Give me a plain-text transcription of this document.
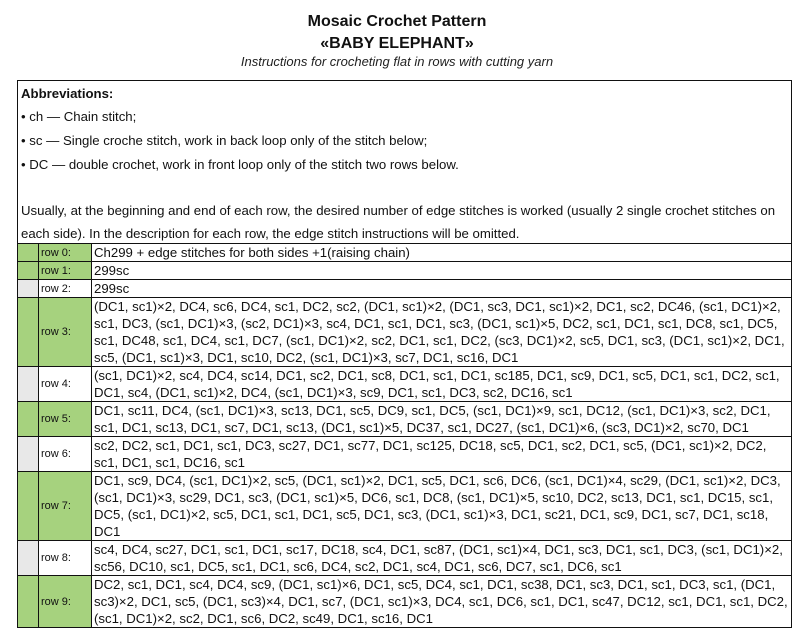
Mosaic Crochet Pattern
«BABY ELEPHANT»
Instructions for crocheting flat in rows with cutting yarn
Abbreviations:
• ch — Chain stitch;
• sc — Single croche stitch, work in back loop only of the stitch below;
• DC — double crochet, work in front loop only of the stitch two rows below.
Usually, at the beginning and end of each row, the desired number of edge stitches is worked (usually 2 single crochet stitches on each side). In the description for each row, the edge stitch instructions will be omitted.
	row 0:	Ch299 + edge stitches for both sides +1(raising chain)
	row 1:	299sc
	row 2:	299sc
	row 3:	(DC1, sc1)×2, DC4, sc6, DC4, sc1, DC2, sc2, (DC1, sc1)×2, (DC1, sc3, DC1, sc1)×2, DC1, sc2, DC46, (sc1, DC1)×2, sc1, DC3, (sc1, DC1)×3, (sc2, DC1)×3, sc4, DC1, sc1, DC1, sc3, (DC1, sc1)×5, DC2, sc1, DC1, sc1, DC8, sc1, DC5, sc1, DC48, sc1, DC4, sc1, DC7, (sc1, DC1)×2, sc2, DC1, sc1, DC2, (sc3, DC1)×2, sc5, DC1, sc3, (DC1, sc1)×2, DC1, sc5, (DC1, sc1)×3, DC1, sc10, DC2, (sc1, DC1)×3, sc7, DC1, sc16, DC1
	row 4:	(sc1, DC1)×2, sc4, DC4, sc14, DC1, sc2, DC1, sc8, DC1, sc1, DC1, sc185, DC1, sc9, DC1, sc5, DC1, sc1, DC2, sc1, DC1, sc4, (DC1, sc1)×2, DC4, (sc1, DC1)×3, sc9, DC1, sc1, DC3, sc2, DC16, sc1
	row 5:	DC1, sc11, DC4, (sc1, DC1)×3, sc13, DC1, sc5, DC9, sc1, DC5, (sc1, DC1)×9, sc1, DC12, (sc1, DC1)×3, sc2, DC1, sc1, DC1, sc13, DC1, sc7, DC1, sc13, (DC1, sc1)×5, DC37, sc1, DC27, (sc1, DC1)×6, (sc3, DC1)×2, sc70, DC1
	row 6:	sc2, DC2, sc1, DC1, sc1, DC3, sc27, DC1, sc77, DC1, sc125, DC18, sc5, DC1, sc2, DC1, sc5, (DC1, sc1)×2, DC2, sc1, DC1, sc1, DC16, sc1
	row 7:	DC1, sc9, DC4, (sc1, DC1)×2, sc5, (DC1, sc1)×2, DC1, sc5, DC1, sc6, DC6, (sc1, DC1)×4, sc29, (DC1, sc1)×2, DC3, (sc1, DC1)×3, sc29, DC1, sc3, (DC1, sc1)×5, DC6, sc1, DC8, (sc1, DC1)×5, sc10, DC2, sc13, DC1, sc1, DC15, sc1, DC5, (sc1, DC1)×2, sc5, DC1, sc1, DC1, sc5, DC1, sc3, (DC1, sc1)×3, DC1, sc21, DC1, sc9, DC1, sc7, DC1, sc18, DC1
	row 8:	sc4, DC4, sc27, DC1, sc1, DC1, sc17, DC18, sc4, DC1, sc87, (DC1, sc1)×4, DC1, sc3, DC1, sc1, DC3, (sc1, DC1)×2, sc56, DC10, sc1, DC5, sc1, DC1, sc6, DC4, sc2, DC1, sc4, DC1, sc6, DC7, sc1, DC6, sc1
	row 9:	DC2, sc1, DC1, sc4, DC4, sc9, (DC1, sc1)×6, DC1, sc5, DC4, sc1, DC1, sc38, DC1, sc3, DC1, sc1, DC3, sc1, (DC1, sc3)×2, DC1, sc5, (DC1, sc3)×4, DC1, sc7, (DC1, sc1)×3, DC4, sc1, DC6, sc1, DC1, sc47, DC12, sc1, DC1, sc1, DC2, (sc1, DC1)×2, sc2, DC1, sc6, DC2, sc49, DC1, sc16, DC1
